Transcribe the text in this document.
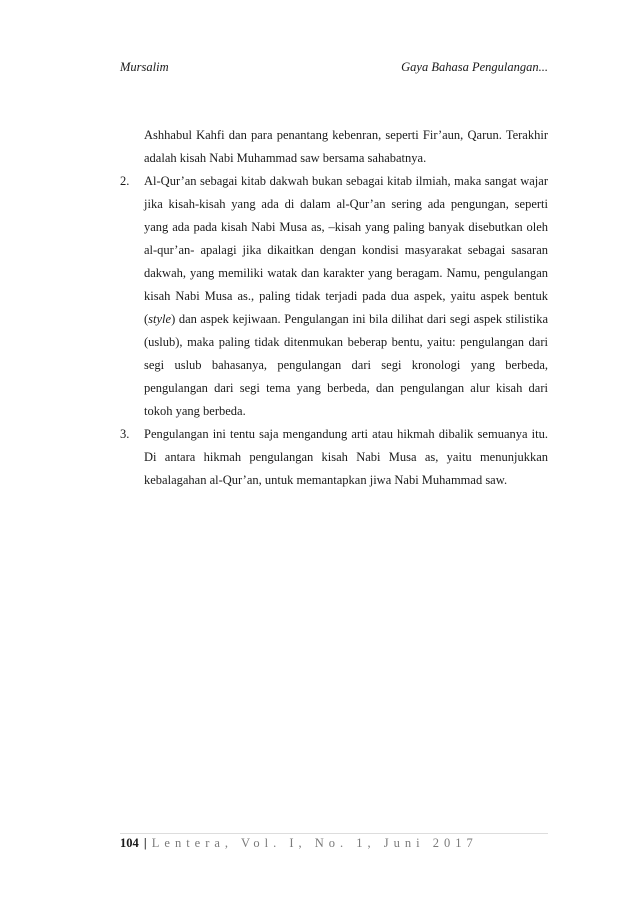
Mursalim	Gaya Bahasa Pengulangan...

Ashhabul Kahfi dan para penantang kebenran, seperti Fir’aun, Qarun. Terakhir adalah kisah Nabi Muhammad saw bersama sahabatnya.

2.	Al-Qur’an sebagai kitab dakwah bukan sebagai kitab ilmiah, maka sangat wajar jika kisah-kisah yang ada di dalam al-Qur’an sering ada pengungan, seperti yang ada pada kisah Nabi Musa as, –kisah yang paling banyak disebutkan oleh al-qur’an- apalagi jika dikaitkan dengan kondisi masyarakat sebagai sasaran dakwah, yang memiliki watak dan karakter yang beragam. Namu, pengulangan kisah Nabi Musa as., paling tidak terjadi pada dua aspek, yaitu aspek bentuk (style) dan aspek kejiwaan. Pengulangan ini bila dilihat dari segi aspek stilistika (uslub), maka paling tidak ditenmukan beberap bentu, yaitu: pengulangan dari segi uslub bahasanya, pengulangan dari segi kronologi yang berbeda, pengulangan dari segi tema yang berbeda, dan pengulangan alur kisah dari tokoh yang berbeda.
3.	Pengulangan ini tentu saja mengandung arti atau hikmah dibalik semuanya itu. Di antara hikmah pengulangan kisah Nabi Musa as, yaitu menunjukkan kebalagahan al-Qur’an, untuk memantapkan jiwa Nabi Muhammad saw.
104 | Lentera, Vol. I, No. 1, Juni 2017
